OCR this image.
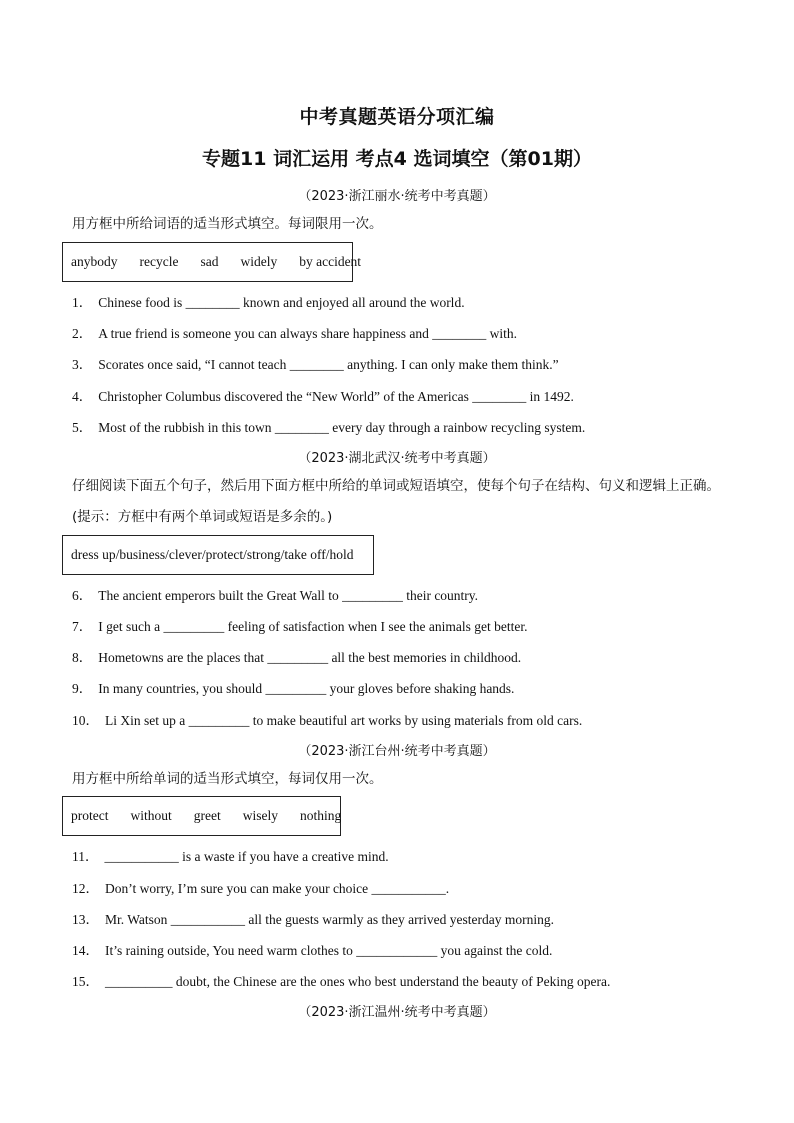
中考真题英语分项汇编
专题11 词汇运用 考点4 选词填空（第01期）
（2023·浙江丽水·统考中考真题）
用方框中所给词语的适当形式填空。每词限用一次。
anybody recycle sad widely by accident
1． Chinese food is ________ known and enjoyed all around the world.
2． A true friend is someone you can always share happiness and ________ with.
3． Scorates once said, “I cannot teach ________ anything. I can only make them think.”
4． Christopher Columbus discovered the “New World” of the Americas ________ in 1492.
5． Most of the rubbish in this town ________ every day through a rainbow recycling system.
（2023·湖北武汉·统考中考真题）
仔细阅读下面五个句子，然后用下面方框中所给的单词或短语填空，使每个句子在结构、句义和逻辑上正确。(提示：方框中有两个单词或短语是多余的。)
dress up/business/clever/protect/strong/take off/hold
6． The ancient emperors built the Great Wall to _________ their country.
7． I get such a _________ feeling of satisfaction when I see the animals get better.
8． Hometowns are the places that _________ all the best memories in childhood.
9． In many countries, you should _________ your gloves before shaking hands.
10． Li Xin set up a _________ to make beautiful art works by using materials from old cars.
（2023·浙江台州·统考中考真题）
用方框中所给单词的适当形式填空，每词仅用一次。
protect without greet wisely nothing
11． ___________ is a waste if you have a creative mind.
12． Don’t worry, I’m sure you can make your choice ___________.
13． Mr. Watson ___________ all the guests warmly as they arrived yesterday morning.
14． It’s raining outside, You need warm clothes to ____________ you against the cold.
15． __________ doubt, the Chinese are the ones who best understand the beauty of Peking opera.
（2023·浙江温州·统考中考真题）
